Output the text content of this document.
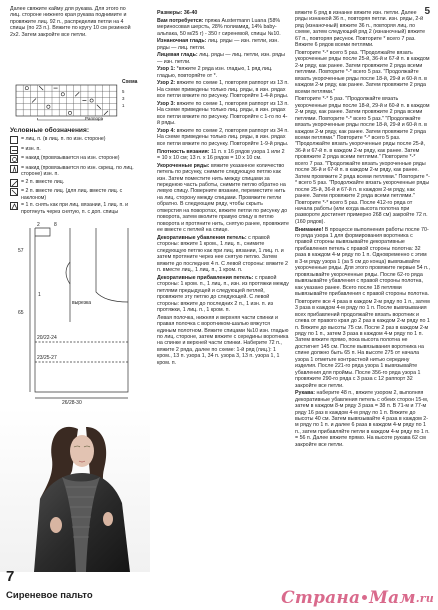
Далее свяжите кайму для рукава. Для этого по лиц. стороне нижнего края рукава поднимите и провяжите лиц. 92 п., распределив петли на 4 спицы (по 23 п.). Вяжите по кругу 10 см резинкой 2х2. Затем закройте все петли.

Схема
Раппорт
5
3
1
Условные обозначения:
= лиц. п. (в лиц. п. по изн. стороне)
= изн. п.
= накид (провязывается на изн. стороне)
= накид (провязывается по изн. скрещ. по лиц. стороне) изн. п.
= 2 п. вместе лиц.
= 2 п. вместе лиц. (для лиц. вместе лиц. с наклоном)
= 1 п. снять как при лиц. вязании, 1 лиц. п. и протянуть через снятую, п. с доп. спицы
2	8
57
1
65
вырезка
20/22-24
23/25-27
26/28-30
7
Сиреневое пальто
5

Размеры: 36-40

Вам потребуется: пряжа Austermann Luana (58% мериносовая шерсть, 28% полиамид, 14% baby-альпака, 50 м/25 г) - 350 г сиреневой, спицы №10.

Изнаночная гладь: лиц. ряды — изн. петли, изн. ряды — лиц. петли.

Лицевая гладь: лиц. ряды — лиц. петли, изн. ряды — изн. петли.

Узор 1: *вяжите 2 ряда изн. гладью, 1 ряд лиц. гладью, повторяйте от *.

Узор 2: вяжите по схеме 1, повторяя раппорт из 13 п. На схеме приведены только лиц. ряды, в изн. рядах все петли вяжите по рисунку. Повторяйте 1-4-й ряды.

Узор 3: вяжите по схеме 1, повторяя раппорт из 13 п. На схеме приведены только лиц. ряды, в изн. рядах все петли вяжите по рисунку. Повторяйте с 1-го по 4-й ряды.

Узор 4: вяжите по схеме 2, повторяя раппорт из 34 п. На схеме приведены только лиц. ряды, в изн. рядах все петли вяжите по рисунку. Повторяйте 1-9-й ряды.

Плотность вязания: 11 п. х 16 рядов узора 1 или 2 = 10 х 10 см; 13 п. х 16 рядов = 10 х 10 см.

Укороченные ряды: вяжите указанное количество петель по рисунку, снимите следующую петлю как изн. Затем поместите нить между спицами за переднюю часть работы, снимите петлю обратно на левую спицу. Поверните вязание, переместите нить на лиц. сторону между спицами. Провяжите петли обратно. В следующем ряду, чтобы скрыть отверстия на поворотах, вяжите петли по рисунку до поворота, затем вколите правую спицу в петлю поворота и протяните нить, снятую ранее, провяжите ее вместе с петлей на спице.

Декоративные убавления петель: с правой стороны: вяжите 1 кром., 1 лиц. п., снимите следующую петлю как при лиц. вязании, 1 лиц. п. и затем протяните через нее снятую петлю. Затем вяжите до последних 4 п. С левой стороны: вяжите 2 п. вместе лиц., 1 лиц. п., 1 кром. п.

Декоративные прибавления петель: с правой стороны: 1 кром. п., 1 лиц. п., изн. из протяжки между петлями предыдущей и следующей петлей, провяжите эту петлю до следующей. С левой стороны: вяжите до последних 2 п., 1 изн. п. из протяжки, 1 лиц. п., 1 кром. п.

Левая полочка, нижняя и верхняя части спинки и правая полочка с воротником-шалью вяжутся единым полотном. Вяжите спицами №10 изн. гладью по лиц. стороне, затем вяжите с середины воротника на спинке и верхней части спинки. Наберите 72 п., вяжите 2 ряда, далее по схеме: 1-й ряд (лиц.): 1 кром., 13 п. узора 1, 34 п. узора 3, 13 п. узора 1, 1 кром. п.

вяжите 6 ряд в изнанке вяжите изн. петли. Далее ряды изнанкой 36 п., повторяя петли. изн. ряды, 2-й ряд (изнаночный) вяжите 36 п., повторяя лиц. по схеме, затем следующий ряд 2 (изнаночный) вяжите 67 п., повторяя рисунок. Повторите * всего 7 раз. Вяжите 6 рядов всеми петлями.

Повторите *-* всего 5 раз. "Продолжайте вязать укороченные ряды после 25-й, 36-й и 67-й п. в каждом 2-м ряду, как ранее. Затем провяжите 2 ряда всеми петлями. Повторите *-* всего 5 раз. "Продолжайте вязать укороченные ряды после 18-й, 29-й и 60-й п. в каждом 2-м ряду, как ранее. Затем провяжите 2 ряда всеми петлями."

Повторите *-* 5 раз. "Продолжайте вязать укороченные ряды после 18-й, 29-й и 60-й п. в каждом 2-м ряду, как ранее. Затем провяжите 2 ряда всеми петлями. Повторите *-* всего 5 раз." "Продолжайте вязать укороченные ряды после 18-й, 29-й и 60-й п. в каждом 2-м ряду, как ранее. Затем провяжите 2 ряда всеми петлями." Повторите *-* всего 5 раз. "Продолжайте вязать укороченные ряды после 25-й, 36-й и 67-й п. в каждом 2-м ряду, как ранее. Затем провяжите 2 ряда всеми петлями." Повторите *-* всего 7 раз. "Продолжайте вязать укороченные ряды после 36-й и 67-й п. в каждом 2-м ряду, как ранее. Затем провяжите 2 ряда всеми петлями." Повторите *-* всего 5 раз. "Продолжайте вязать укороченные ряды после 25-й, 36-й и 67-й п. в каждом 2-м ряду, как ранее. Затем провяжите 2 ряда всеми петлями." Повторите *-* всего 5 раз. После 412-го ряда от начала работы (или когда высота полотна при развороте достигнет примерно 268 см) закройте 72 п. (160 рядов).

Внимание! В процессе выполнения работы после 70-го ряда узора 1 для формирования воротника с правой стороны вывязывайте декоративные прибавления петель с правой стороны полотна: 32 раза в каждом 4-м ряду по 1 п. Одновременно с этим в 3-м ряду узора 1 (за 5 см до конца) вывязывайте укороченные ряды. Для этого провяжите первые 54 п., провязывайте укороченные ряды. После 62-го ряда вывязывайте убавления с правой стороны полотна, как указано ранее. Всего после 18 петлями вывязывайте прибавления с правой стороны полотна.

Повторите все 4 раза в каждом 2-м ряду по 1 п., затем 3 раза в каждом 4-м ряду по 1 п. После вывязывания всех прибавлений продолжайте вязать воротник и слева от правого края до 2 раз в каждом 2-м ряду по 1 п. Вяжите до высоты 75 см. После 2 раз в каждом 2-м ряду по 1 п., затем 3 раза в каждом 4-м ряду по 1 п. Затем вяжите прямо, пока высота полотна не достигнет 145 см. После вывязывания воротника на спине должно быть 65 п. На высоте 275 от начала узора 1 отметьте контрастной нитью середину изделия. После 221-го ряда узора 1 вывязывайте убавления для проймы. После 356-го ряда узора 1 провяжите 290-го ряда с 3 раза с 12 раппорт 32 закройте все петли.

Рукава: наберите 48 п., вяжите узором 2, выполняя декоративные убавления петель с обеих сторон 15-м, затем в каждом 8-м ряду 3 раза = 38 п. В 71-м и 77-м ряду 16 раз в каждом 4-м ряду по 1 п. Вяжите до высоты 40 см. Затем вывязывайте 4 раза в каждом 2-м ряду по 1 п. и далее 6 раза в каждом 4-м ряду по 1 п., затем прибавляйте петли в каждом 4-м ряду по 1 п. = 56 п. Далее вяжите прямо. На высоте рукава 62 см закройте все петли.

Страна Мам .ru
